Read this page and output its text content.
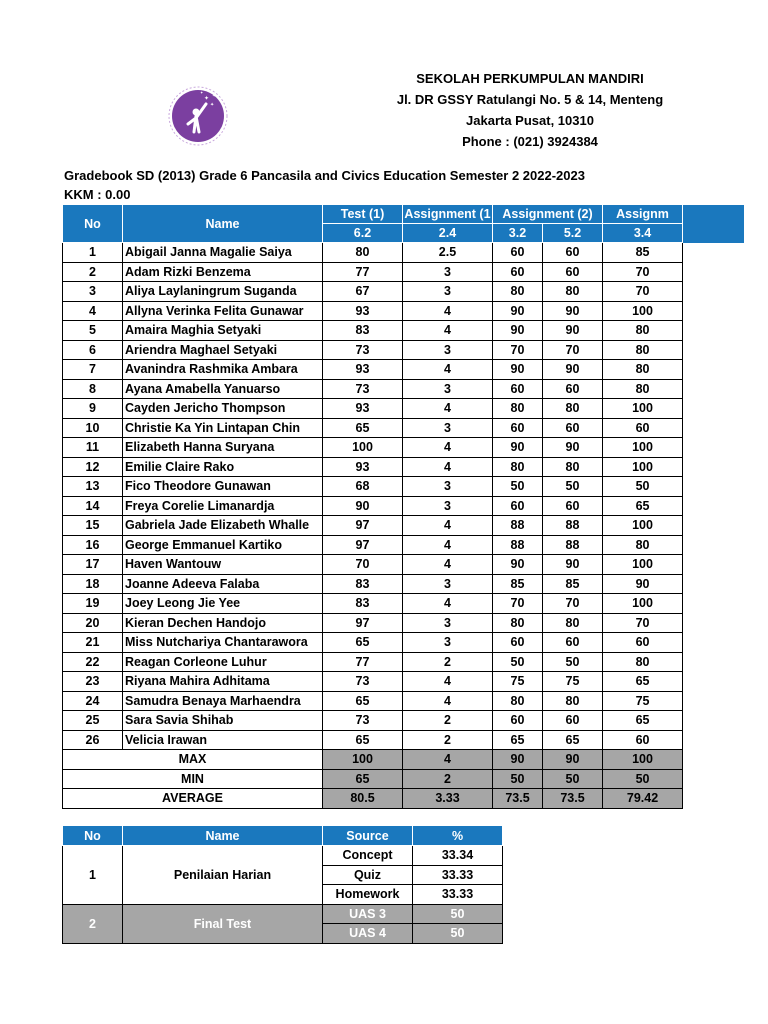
✦
✦
✦
✦
SEKOLAH PERKUMPULAN MANDIRI
Jl. DR GSSY Ratulangi No. 5 & 14, Menteng
Jakarta Pusat, 10310
Phone : (021) 3924384
Gradebook SD (2013) Grade 6 Pancasila and Civics Education Semester 2 2022-2023
KKM : 0.00
No	Name	Test (1)	Assignment (1	Assignment (2)		Assignm
		6.2	2.4	3.2	5.2	3.4
1	Abigail Janna Magalie Saiya	80	2.5	60	60	85
2	Adam Rizki Benzema	77	3	60	60	70
3	Aliya Laylaningrum Suganda	67	3	80	80	70
4	Allyna Verinka Felita Gunawar	93	4	90	90	100
5	Amaira Maghia Setyaki	83	4	90	90	80
6	Ariendra Maghael Setyaki	73	3	70	70	80
7	Avanindra Rashmika Ambara	93	4	90	90	80
8	Ayana Amabella Yanuarso	73	3	60	60	80
9	Cayden Jericho Thompson	93	4	80	80	100
10	Christie Ka Yin Lintapan Chin	65	3	60	60	60
11	Elizabeth Hanna Suryana	100	4	90	90	100
12	Emilie Claire Rako	93	4	80	80	100
13	Fico Theodore Gunawan	68	3	50	50	50
14	Freya Corelie Limanardja	90	3	60	60	65
15	Gabriela Jade Elizabeth Whalle	97	4	88	88	100
16	George Emmanuel Kartiko	97	4	88	88	80
17	Haven Wantouw	70	4	90	90	100
18	Joanne Adeeva Falaba	83	3	85	85	90
19	Joey Leong Jie Yee	83	4	70	70	100
20	Kieran Dechen Handojo	97	3	80	80	70
21	Miss Nutchariya Chantarawora	65	3	60	60	60
22	Reagan Corleone Luhur	77	2	50	50	80
23	Riyana Mahira Adhitama	73	4	75	75	65
24	Samudra Benaya Marhaendra	65	4	80	80	75
25	Sara Savia Shihab	73	2	60	60	65
26	Velicia Irawan	65	2	65	65	60
MAX		100	4	90	90	100
MIN		65	2	50	50	50
AVERAGE		80.5	3.33	73.5	73.5	79.42
No	Name	Source	%
1	Penilaian Harian	Concept	33.34
		Quiz	33.33
		Homework	33.33
2	Final Test	UAS 3	50
		UAS 4	50
